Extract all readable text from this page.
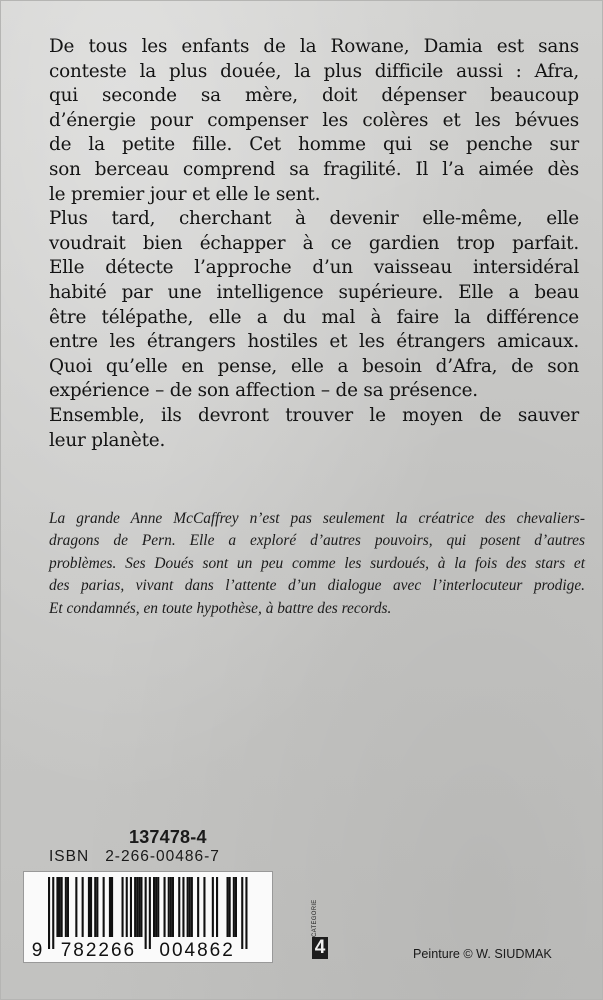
De tous les enfants de la Rowane, Damia est sans
conteste la plus douée, la plus difficile aussi : Afra,
qui seconde sa mère, doit dépenser beaucoup
d’énergie pour compenser les colères et les bévues
de la petite fille. Cet homme qui se penche sur
son berceau comprend sa fragilité. Il l’a aimée dès
le premier jour et elle le sent.
Plus tard, cherchant à devenir elle-même, elle
voudrait bien échapper à ce gardien trop parfait.
Elle détecte l’approche d’un vaisseau intersidéral
habité par une intelligence supérieure. Elle a beau
être télépathe, elle a du mal à faire la différence
entre les étrangers hostiles et les étrangers amicaux.
Quoi qu’elle en pense, elle a besoin d’Afra, de son
expérience – de son affection – de sa présence.
Ensemble, ils devront trouver le moyen de sauver
leur planète.
La grande Anne McCaffrey n’est pas seulement la créatrice des chevaliers-
dragons de Pern. Elle a exploré d’autres pouvoirs, qui posent d’autres
problèmes. Ses Doués sont un peu comme les surdoués, à la fois des stars et
des parias, vivant dans l’attente d’un dialogue avec l’interlocuteur prodige.
Et condamnés, en toute hypothèse, à battre des records.
137478-4
ISBN 2-266-00486-7
9 782266 004862
CATÉGORIE
4	Peinture © W. SIUDMAK
